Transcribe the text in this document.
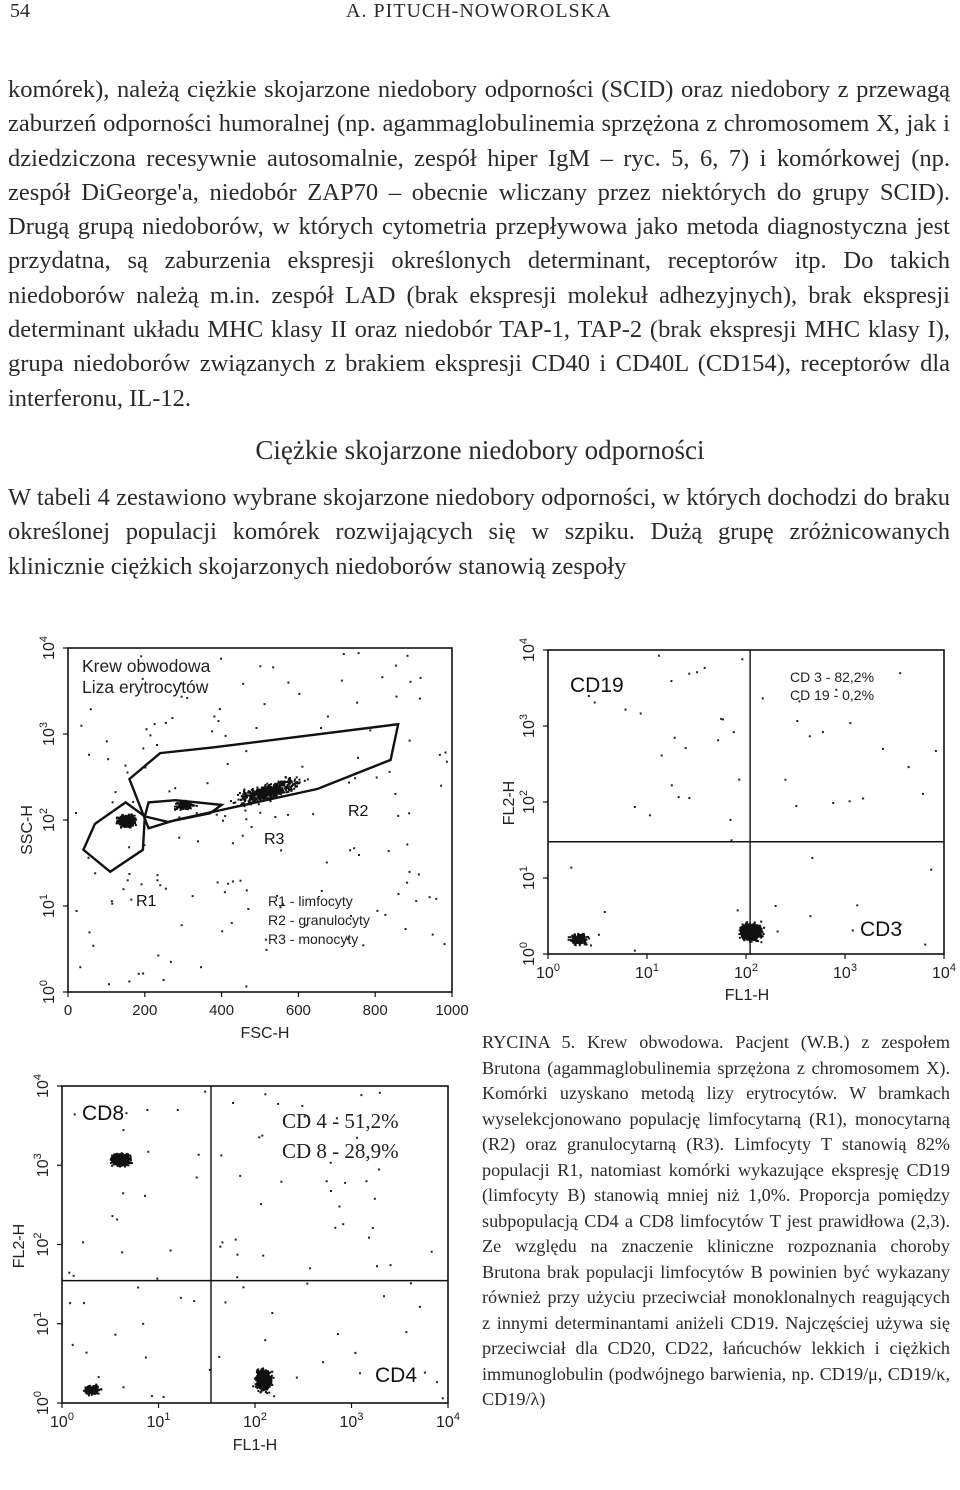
54	A. PITUCH-NOWOROLSKA

komórek), należą ciężkie skojarzone niedobory odporności (SCID) oraz niedobory z przewagą zaburzeń odporności humoralnej (np. agammaglobulinemia sprzężona z chromosomem X, jak i dziedziczona recesywnie autosomalnie, zespół hiper IgM – ryc. 5, 6, 7) i komórkowej (np. zespół DiGeorge'a, niedobór ZAP70 – obecnie wliczany przez niektórych do grupy SCID). Drugą grupą niedoborów, w których cytometria przepływowa jako metoda diagnostyczna jest przydatna, są zaburzenia ekspresji określonych determinant, receptorów itp. Do takich niedoborów należą m.in. zespół LAD (brak ekspresji molekuł adhezyjnych), brak ekspresji determinant układu MHC klasy II oraz niedobór TAP-1, TAP-2 (brak ekspresji MHC klasy I), grupa niedoborów związanych z brakiem ekspresji CD40 i CD40L (CD154), receptorów dla interferonu, IL-12.

Ciężkie skojarzone niedobory odporności

W tabeli 4 zestawiono wybrane skojarzone niedobory odporności, w których dochodzi do braku określonej populacji komórek rozwijających się w szpiku. Dużą grupę zróżnicowanych klinicznie ciężkich skojarzonych niedoborów stanowią zespoły

R1
R2
R3
0	200	400	600	800	1000
$10^0$
$10^1$
$10^2$
$10^3$
$10^4$
Krew obwodowa
Liza erytrocytów
R1 - limfocyty
R2 - granulocyty
R3 - monocyty
FSC-H
SSC-H
$10^0$	$10^1$	$10^2$	$10^3$	$10^4$
$10^0$
$10^1$
$10^2$
$10^3$
$10^4$
CD19	CD 3 - 82,2%
CD 19 - 0,2%
CD3
FL1-H
FL2-H
$10^0$	$10^1$	$10^2$	$10^3$	$10^4$
$10^0$
$10^1$
$10^2$
$10^3$
$10^4$
CD8	CD 4 - 51,2%
CD 8 - 28,9%
CD4
FL1-H
FL2-H

RYCINA 5. Krew obwodowa. Pacjent (W.B.) z zespołem Brutona (agammaglobulinemia sprzężona z chromosomem X). Komórki uzyskano metodą lizy erytrocytów. W bramkach wyselekcjonowano populację limfocytarną (R1), monocytarną (R2) oraz granulocytarną (R3). Limfocyty T stanowią 82% populacji R1, natomiast komórki wykazujące ekspresję CD19 (limfocyty B) stanowią mniej niż 1,0%. Proporcja pomiędzy subpopulacją CD4 a CD8 limfocytów T jest prawidłowa (2,3). Ze względu na znaczenie kliniczne rozpoznania choroby Brutona brak populacji limfocytów B powinien być wykazany również przy użyciu przeciwciał monoklonalnych reagujących z innymi determinantami aniżeli CD19. Najczęściej używa się przeciwciał dla CD20, CD22, łańcuchów lekkich i ciężkich immunoglobulin (podwójnego barwienia, np. CD19/μ, CD19/κ, CD19/λ)
